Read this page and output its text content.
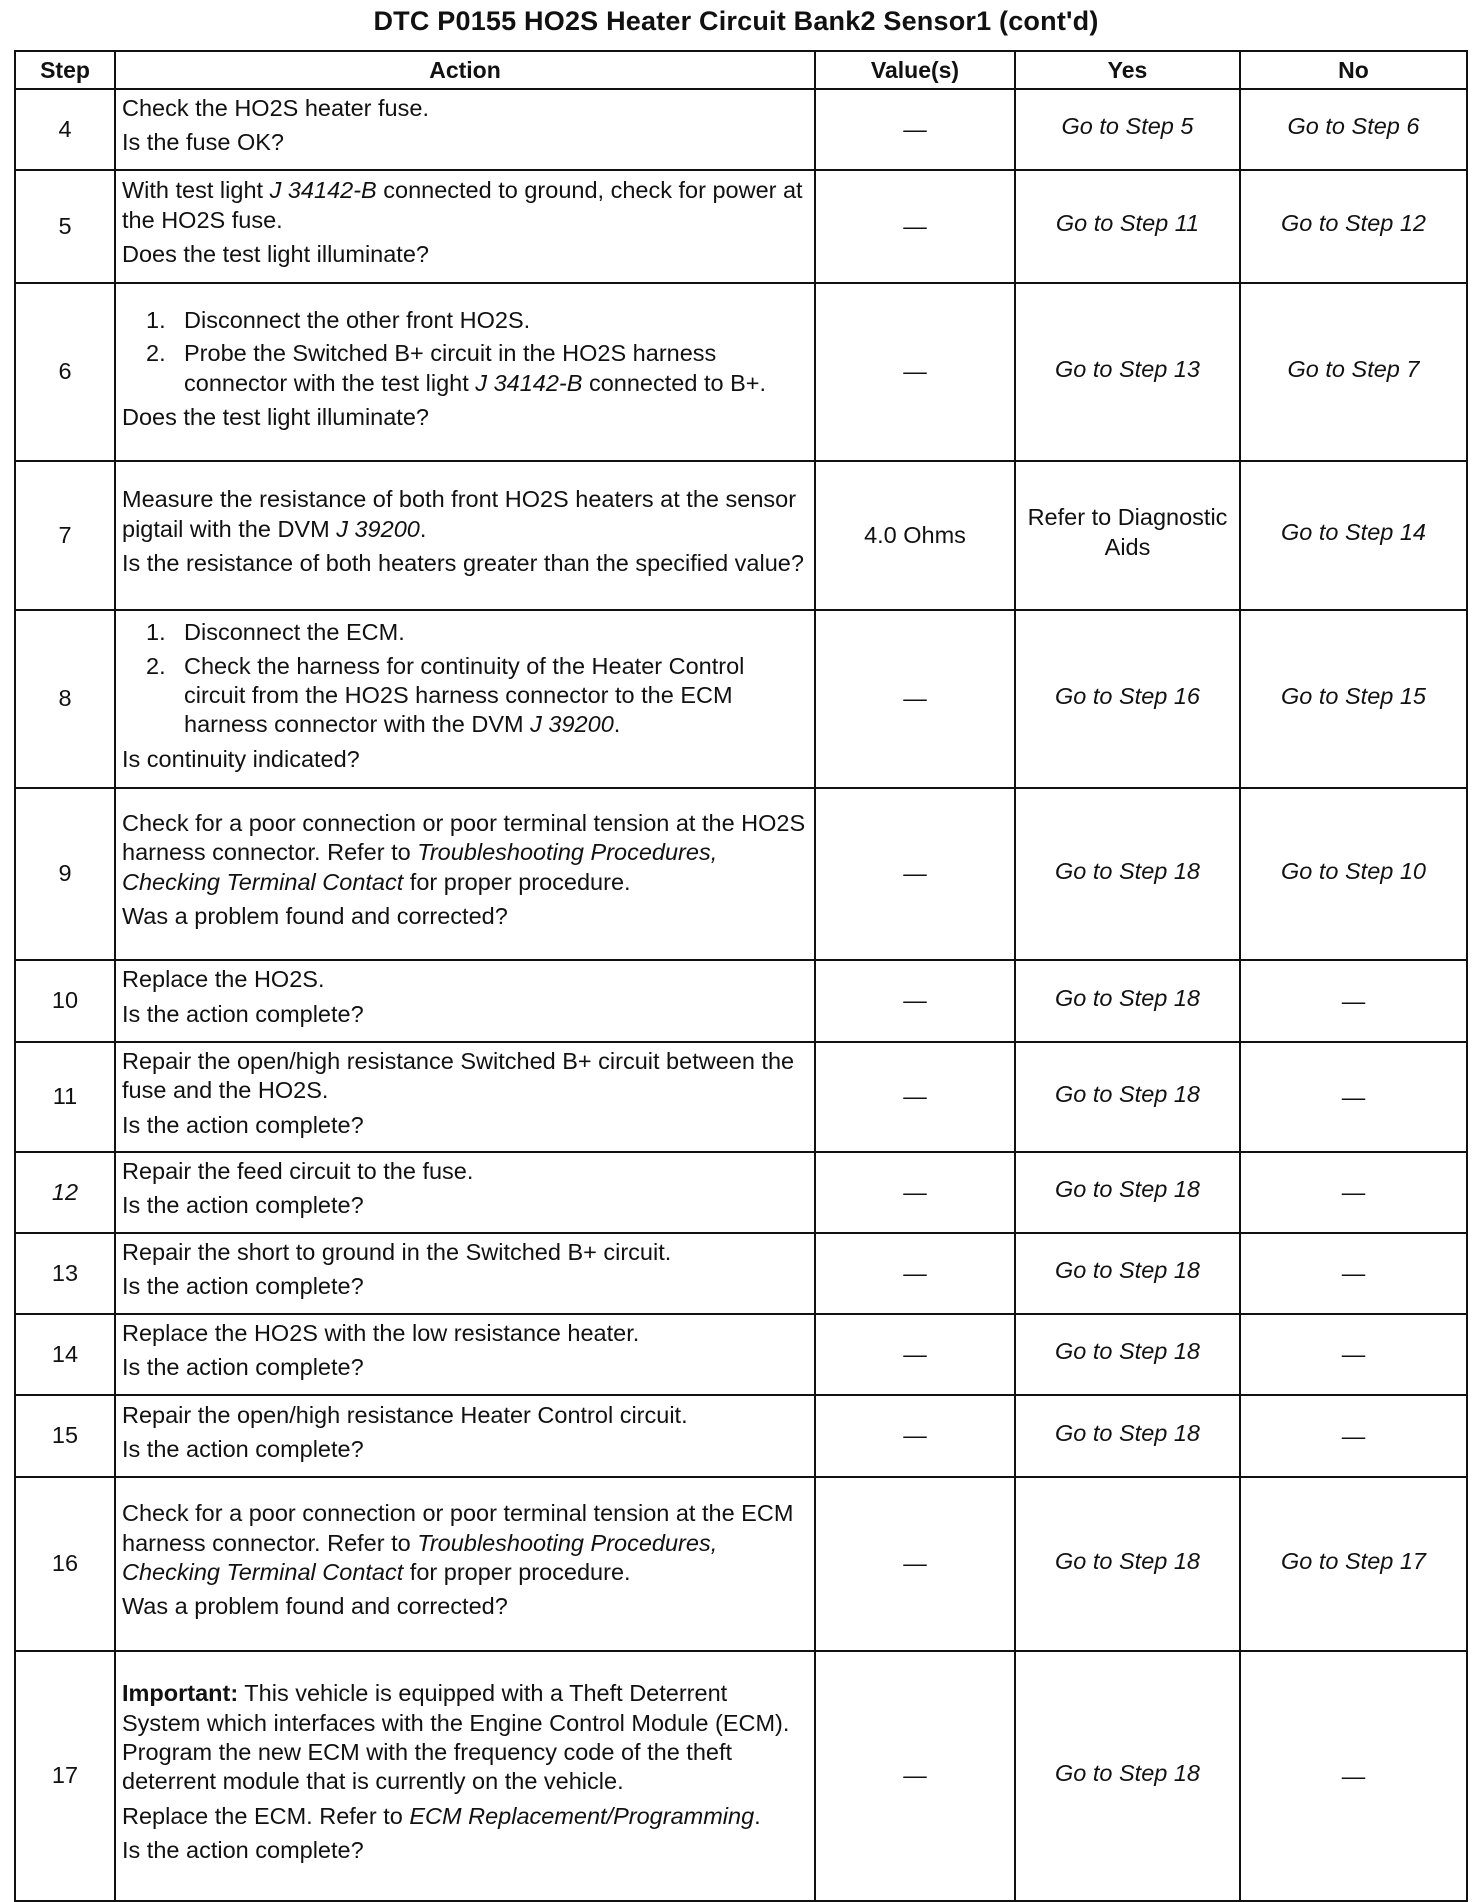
DTC P0155 HO2S Heater Circuit Bank2 Sensor1 (cont'd)
Step	Action	Value(s)	Yes	No
4	Check the HO2S heater fuse.
Is the fuse OK?	—	Go to Step 5	Go to Step 6
5	With test light J 34142-B connected to ground, check for power at the HO2S fuse.
Does the test light illuminate?	—	Go to Step 11	Go to Step 12
6	1. Disconnect the other front HO2S.
2. Probe the Switched B+ circuit in the HO2S harness connector with the test light J 34142-B connected to B+.
Does the test light illuminate?	—	Go to Step 13	Go to Step 7
7	Measure the resistance of both front HO2S heaters at the sensor pigtail with the DVM J 39200.
Is the resistance of both heaters greater than the specified value?	4.0 Ohms	Refer to Diagnostic Aids	Go to Step 14
8	1. Disconnect the ECM.
2. Check the harness for continuity of the Heater Control circuit from the HO2S harness connector to the ECM harness connector with the DVM J 39200.
Is continuity indicated?	—	Go to Step 16	Go to Step 15
9	Check for a poor connection or poor terminal tension at the HO2S harness connector. Refer to Troubleshooting Procedures, Checking Terminal Contact for proper procedure.
Was a problem found and corrected?	—	Go to Step 18	Go to Step 10
10	Replace the HO2S.
Is the action complete?	—	Go to Step 18	—
11	Repair the open/high resistance Switched B+ circuit between the fuse and the HO2S.
Is the action complete?	—	Go to Step 18	—
12	Repair the feed circuit to the fuse.
Is the action complete?	—	Go to Step 18	—
13	Repair the short to ground in the Switched B+ circuit.
Is the action complete?	—	Go to Step 18	—
14	Replace the HO2S with the low resistance heater.
Is the action complete?	—	Go to Step 18	—
15	Repair the open/high resistance Heater Control circuit.
Is the action complete?	—	Go to Step 18	—
16	Check for a poor connection or poor terminal tension at the ECM harness connector. Refer to Troubleshooting Procedures, Checking Terminal Contact for proper procedure.
Was a problem found and corrected?	—	Go to Step 18	Go to Step 17
17	Important: This vehicle is equipped with a Theft Deterrent System which interfaces with the Engine Control Module (ECM). Program the new ECM with the frequency code of the theft deterrent module that is currently on the vehicle.
Replace the ECM. Refer to ECM Replacement/Programming.
Is the action complete?	—	Go to Step 18	—
